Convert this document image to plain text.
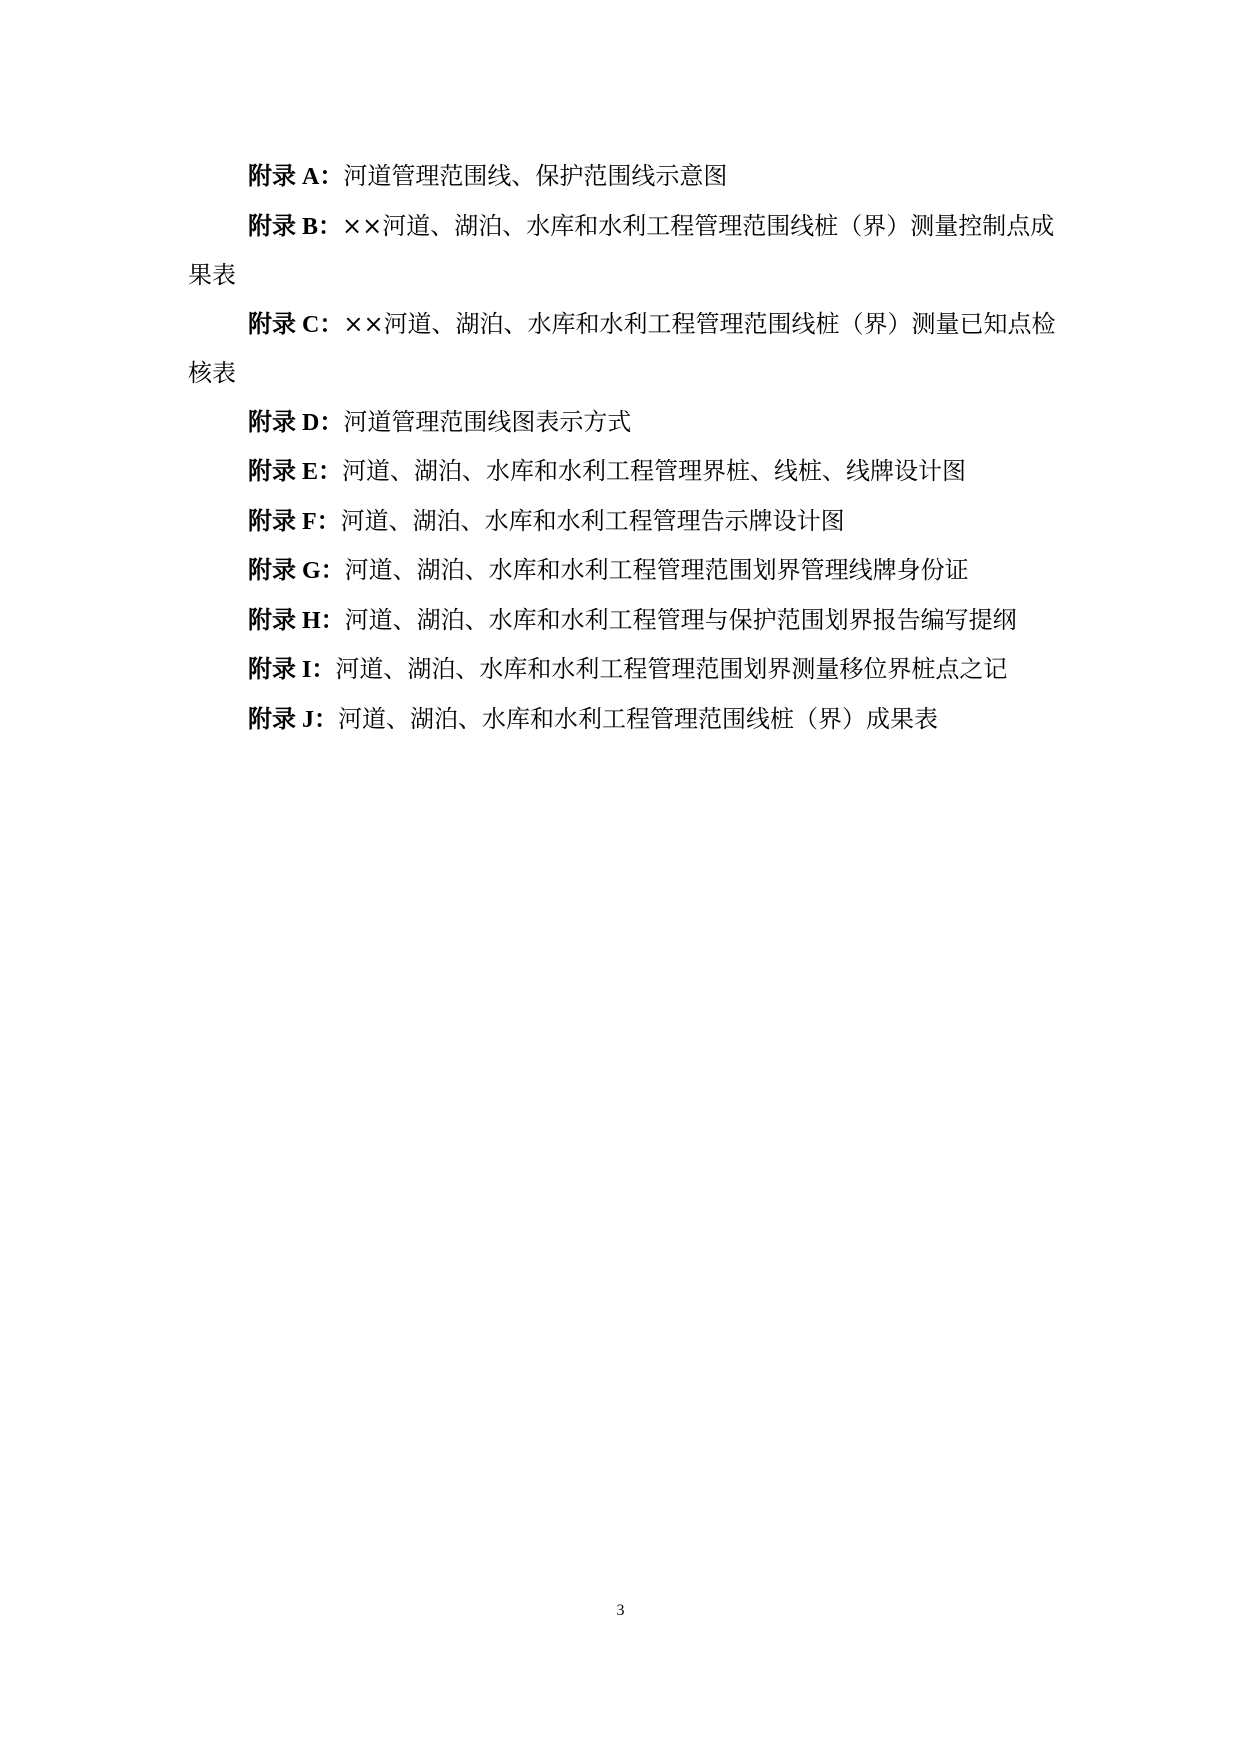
附录 A：河道管理范围线、保护范围线示意图

附录 B：××河道、湖泊、水库和水利工程管理范围线桩（界）测量控制点成果表

附录 C：××河道、湖泊、水库和水利工程管理范围线桩（界）测量已知点检核表

附录 D：河道管理范围线图表示方式

附录 E：河道、湖泊、水库和水利工程管理界桩、线桩、线牌设计图

附录 F：河道、湖泊、水库和水利工程管理告示牌设计图

附录 G：河道、湖泊、水库和水利工程管理范围划界管理线牌身份证

附录 H：河道、湖泊、水库和水利工程管理与保护范围划界报告编写提纲

附录 I：河道、湖泊、水库和水利工程管理范围划界测量移位界桩点之记

附录 J：河道、湖泊、水库和水利工程管理范围线桩（界）成果表

3
